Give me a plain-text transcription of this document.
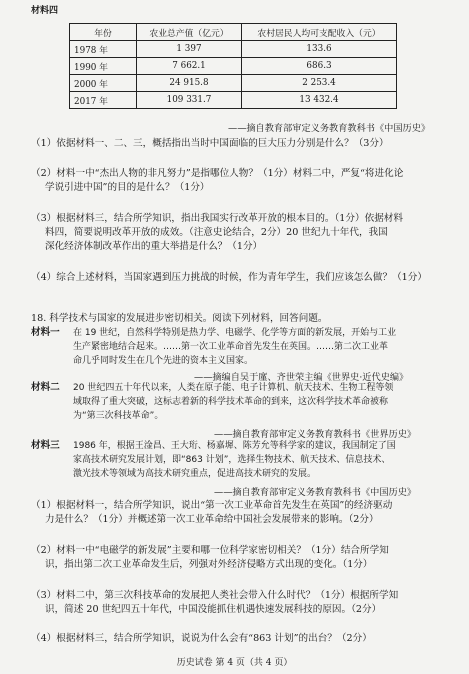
材料四
年份	农业总产值（亿元）	农村居民人均可支配收入（元）
1978 年	1 397	133.6
1990 年	7 662.1	686.3
2000 年	24 915.8	2 253.4
2017 年	109 331.7	13 432.4
——摘自教育部审定义务教育教科书《中国历史》
（1）依据材料一、二、三，概括指出当时中国面临的巨大压力分别是什么？（3分）
（2）材料一中“杰出人物的非凡努力”是指哪位人物？（1分）材料二中，严复“将进化论
学说引进中国”的目的是什么？（1分）
（3）根据材料三，结合所学知识，指出我国实行改革开放的根本目的。（1分）依据材料
料四，简要说明改革开放的成效。（注意史论结合，2分）20 世纪九十年代，我国
深化经济体制改革作出的重大举措是什么？（1分）
（4）综合上述材料，当国家遇到压力挑战的时候，作为青年学生，我们应该怎么做？（1分）
18. 科学技术与国家的发展进步密切相关。阅读下列材料，回答问题。
材料一 在 19 世纪，自然科学特别是热力学、电磁学、化学等方面的新发展，开始与工业
生产紧密地结合起来。……第一次工业革命首先发生在英国。……第二次工业革
命几乎同时发生在几个先进的资本主义国家。
——摘编自吴于廑、齐世荣主编《世界史·近代史编》
材料二 20 世纪四五十年代以来，人类在原子能、电子计算机、航天技术、生物工程等领
域取得了重大突破，这标志着新的科学技术革命的到来，这次科学技术革命被称
为“第三次科技革命”。
——摘自教育部审定义务教育教科书《世界历史》
材料三 1986 年，根据王淦昌、王大珩、杨嘉墀、陈芳允等科学家的建议，我国制定了国
家高技术研究发展计划，即“863 计划”，选择生物技术、航天技术、信息技术、
激光技术等领域为高技术研究重点，促进高技术研究的发展。
——摘自教育部审定义务教育教科书《中国历史》
（1）根据材料一，结合所学知识，说出“第一次工业革命首先发生在英国”的经济驱动
力是什么？（1分）并概述第一次工业革命给中国社会发展带来的影响。（2分）
（2）材料一中“电磁学的新发展”主要和哪一位科学家密切相关？（1分）结合所学知
识，指出第二次工业革命发生后，列强对外经济侵略方式出现的变化。（1分）
（3）材料二中，第三次科技革命的发展把人类社会带入什么时代？（1分）根据所学知
识，简述 20 世纪四五十年代，中国没能抓住机遇快速发展科技的原因。（2分）
（4）根据材料三，结合所学知识，说说为什么会有“863 计划”的出台？（2分）
历史试卷 第 4 页（共 4 页）
